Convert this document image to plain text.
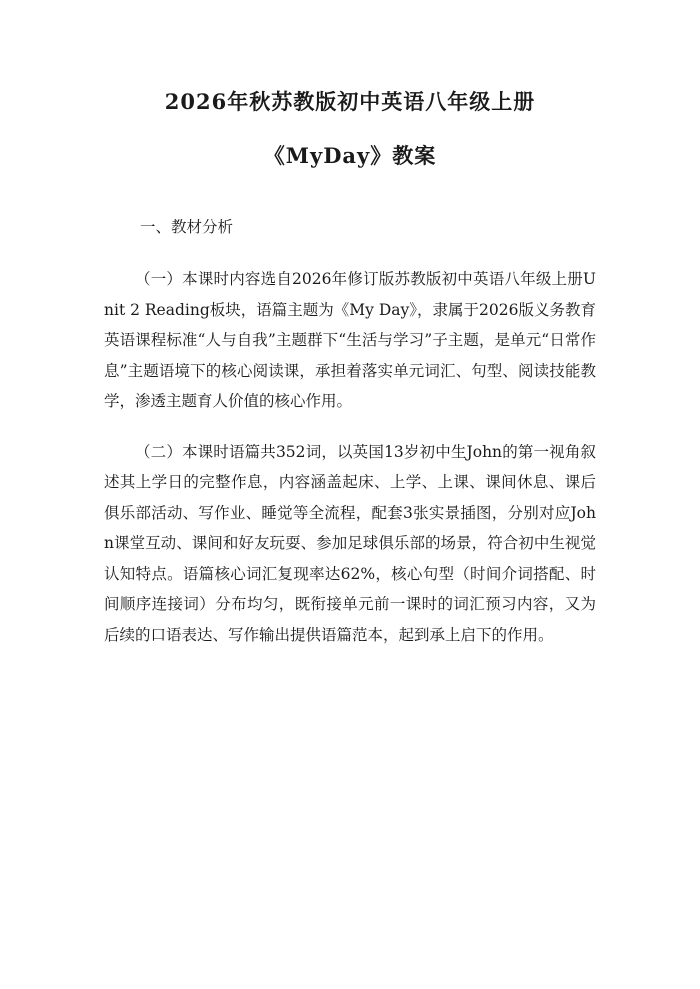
2026年秋苏教版初中英语八年级上册
《MyDay》教案
一、教材分析

（一）本课时内容选自2026年修订版苏教版初中英语八年级上册Unit 2 Reading板块，语篇主题为《My Day》，隶属于2026版义务教育英语课程标准“人与自我”主题群下“生活与学习”子主题，是单元“日常作息”主题语境下的核心阅读课，承担着落实单元词汇、句型、阅读技能教学，渗透主题育人价值的核心作用。

（二）本课时语篇共352词，以英国13岁初中生John的第一视角叙述其上学日的完整作息，内容涵盖起床、上学、上课、课间休息、课后俱乐部活动、写作业、睡觉等全流程，配套3张实景插图，分别对应John课堂互动、课间和好友玩耍、参加足球俱乐部的场景，符合初中生视觉认知特点。语篇核心词汇复现率达62%，核心句型（时间介词搭配、时间顺序连接词）分布均匀，既衔接单元前一课时的词汇预习内容，又为后续的口语表达、写作输出提供语篇范本，起到承上启下的作用。
